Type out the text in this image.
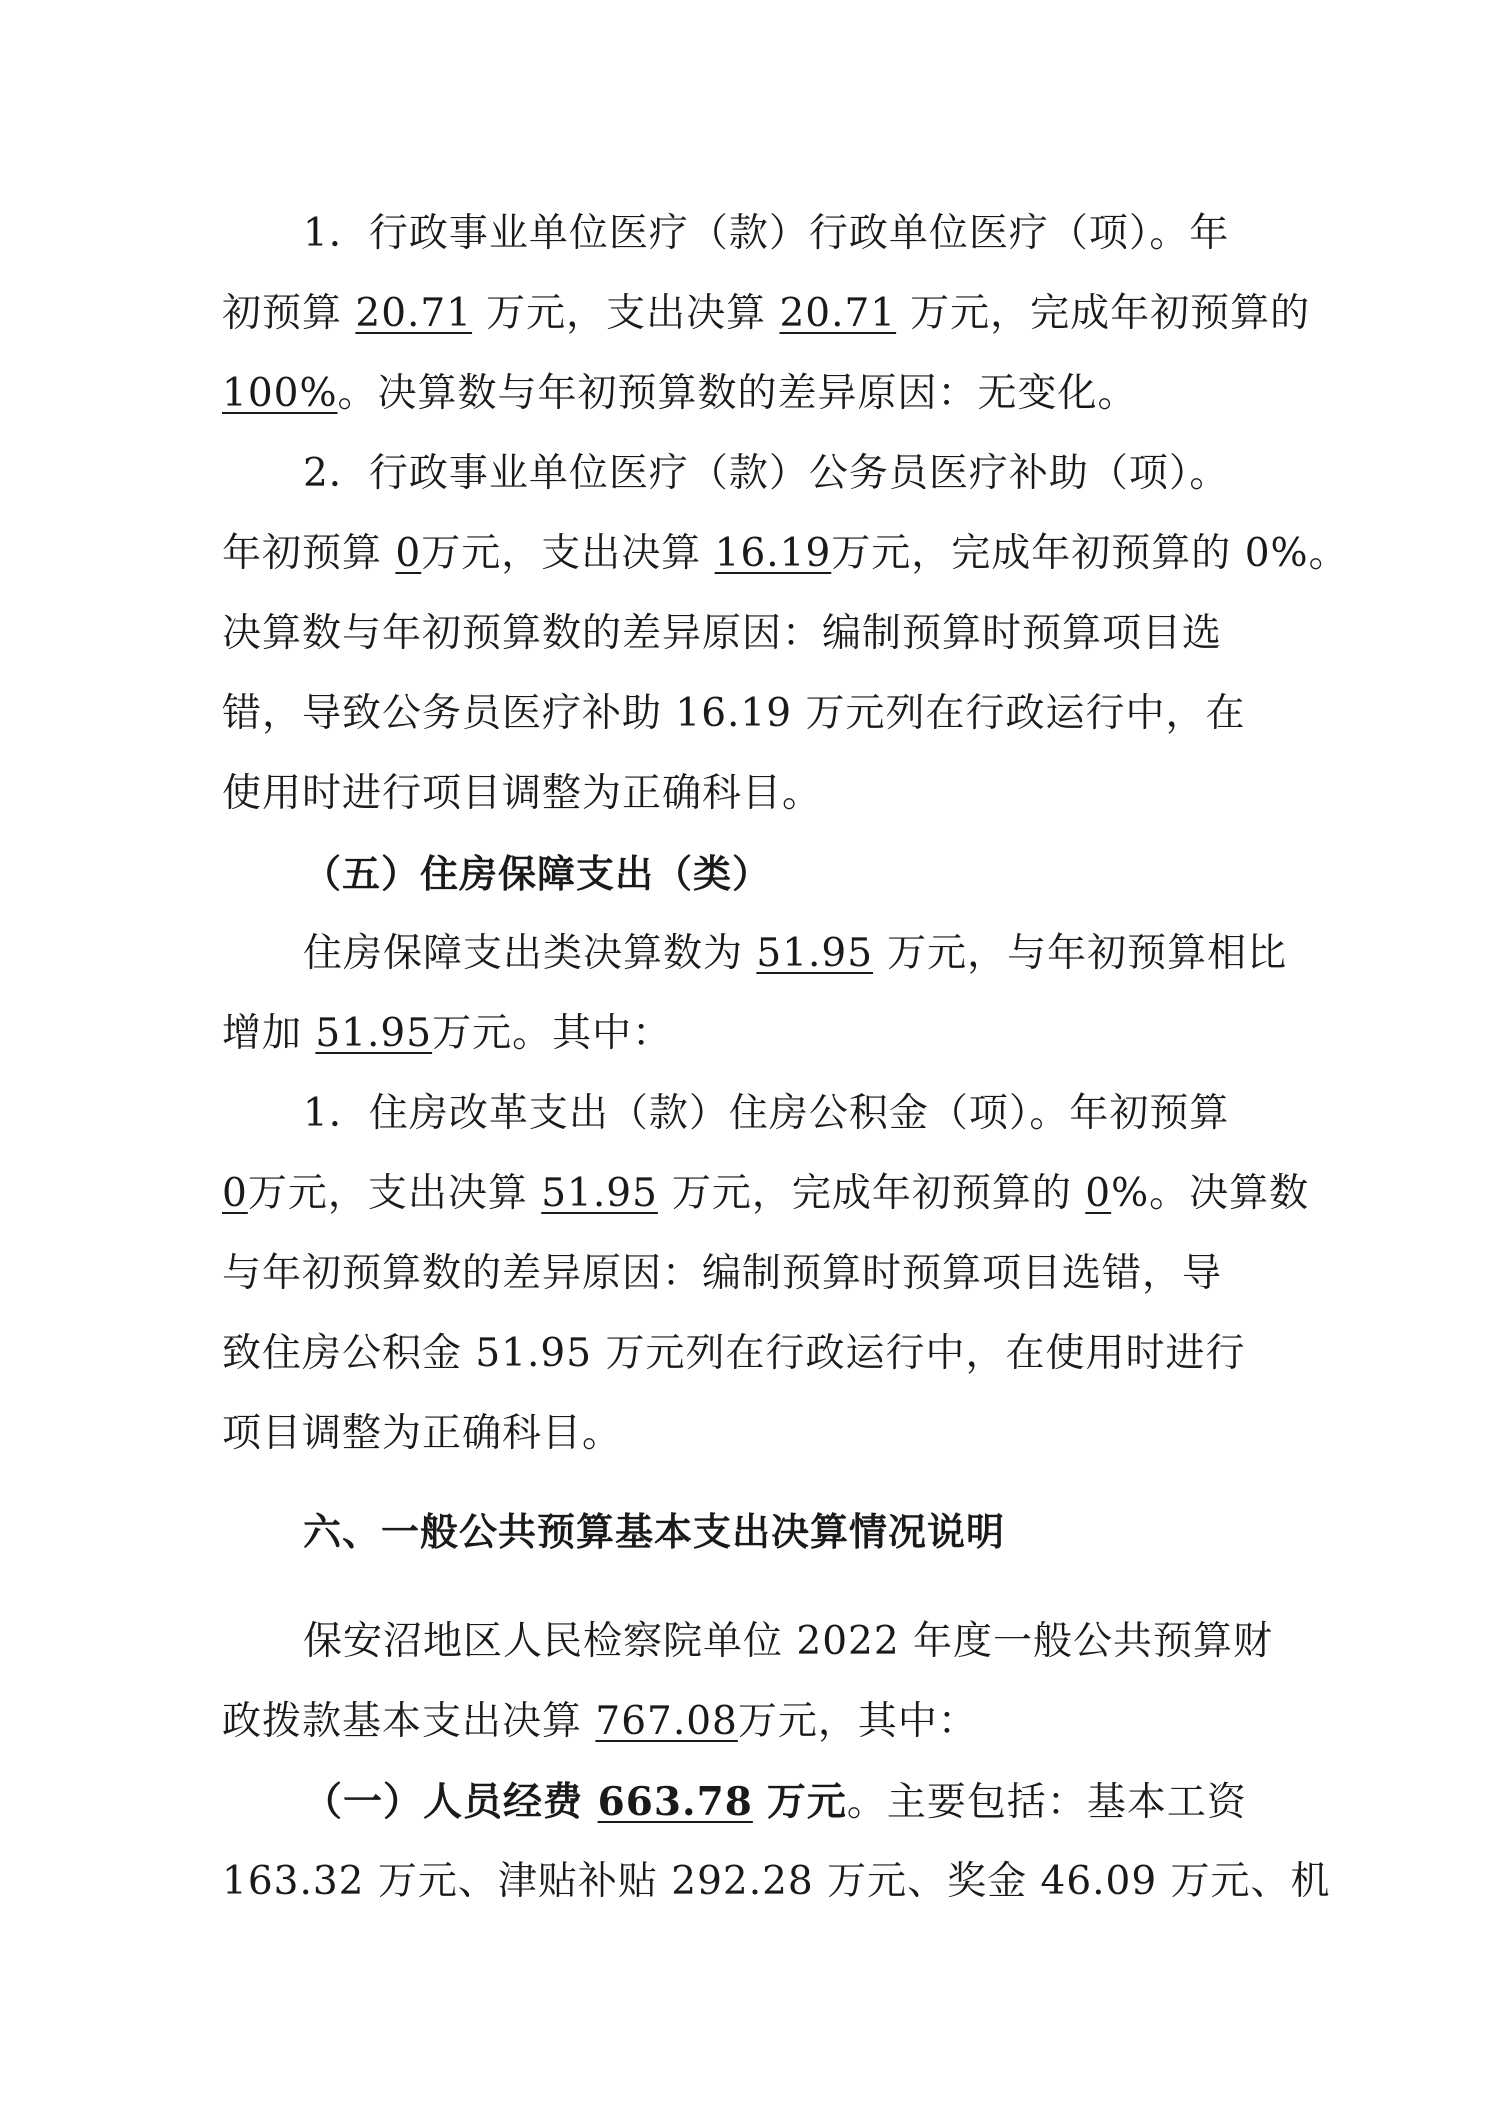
1．行政事业单位医疗（款）行政单位医疗（项）。年
初预算 20.71 万元，支出决算 20.71 万元，完成年初预算的
100%。决算数与年初预算数的差异原因：无变化。
2．行政事业单位医疗（款）公务员医疗补助（项）。
年初预算 0万元，支出决算 16.19万元，完成年初预算的 0%。
决算数与年初预算数的差异原因：编制预算时预算项目选
错，导致公务员医疗补助 16.19 万元列在行政运行中，在
使用时进行项目调整为正确科目。
（五）住房保障支出（类）
住房保障支出类决算数为 51.95 万元，与年初预算相比
增加 51.95万元。其中：
1．住房改革支出（款）住房公积金（项）。年初预算
0万元，支出决算 51.95 万元，完成年初预算的 0%。决算数
与年初预算数的差异原因：编制预算时预算项目选错，导
致住房公积金 51.95 万元列在行政运行中，在使用时进行
项目调整为正确科目。
六、一般公共预算基本支出决算情况说明
保安沼地区人民检察院单位 2022 年度一般公共预算财
政拨款基本支出决算 767.08万元，其中：
（一）人员经费 663.78 万元。主要包括：基本工资
163.32 万元、津贴补贴 292.28 万元、奖金 46.09 万元、机
